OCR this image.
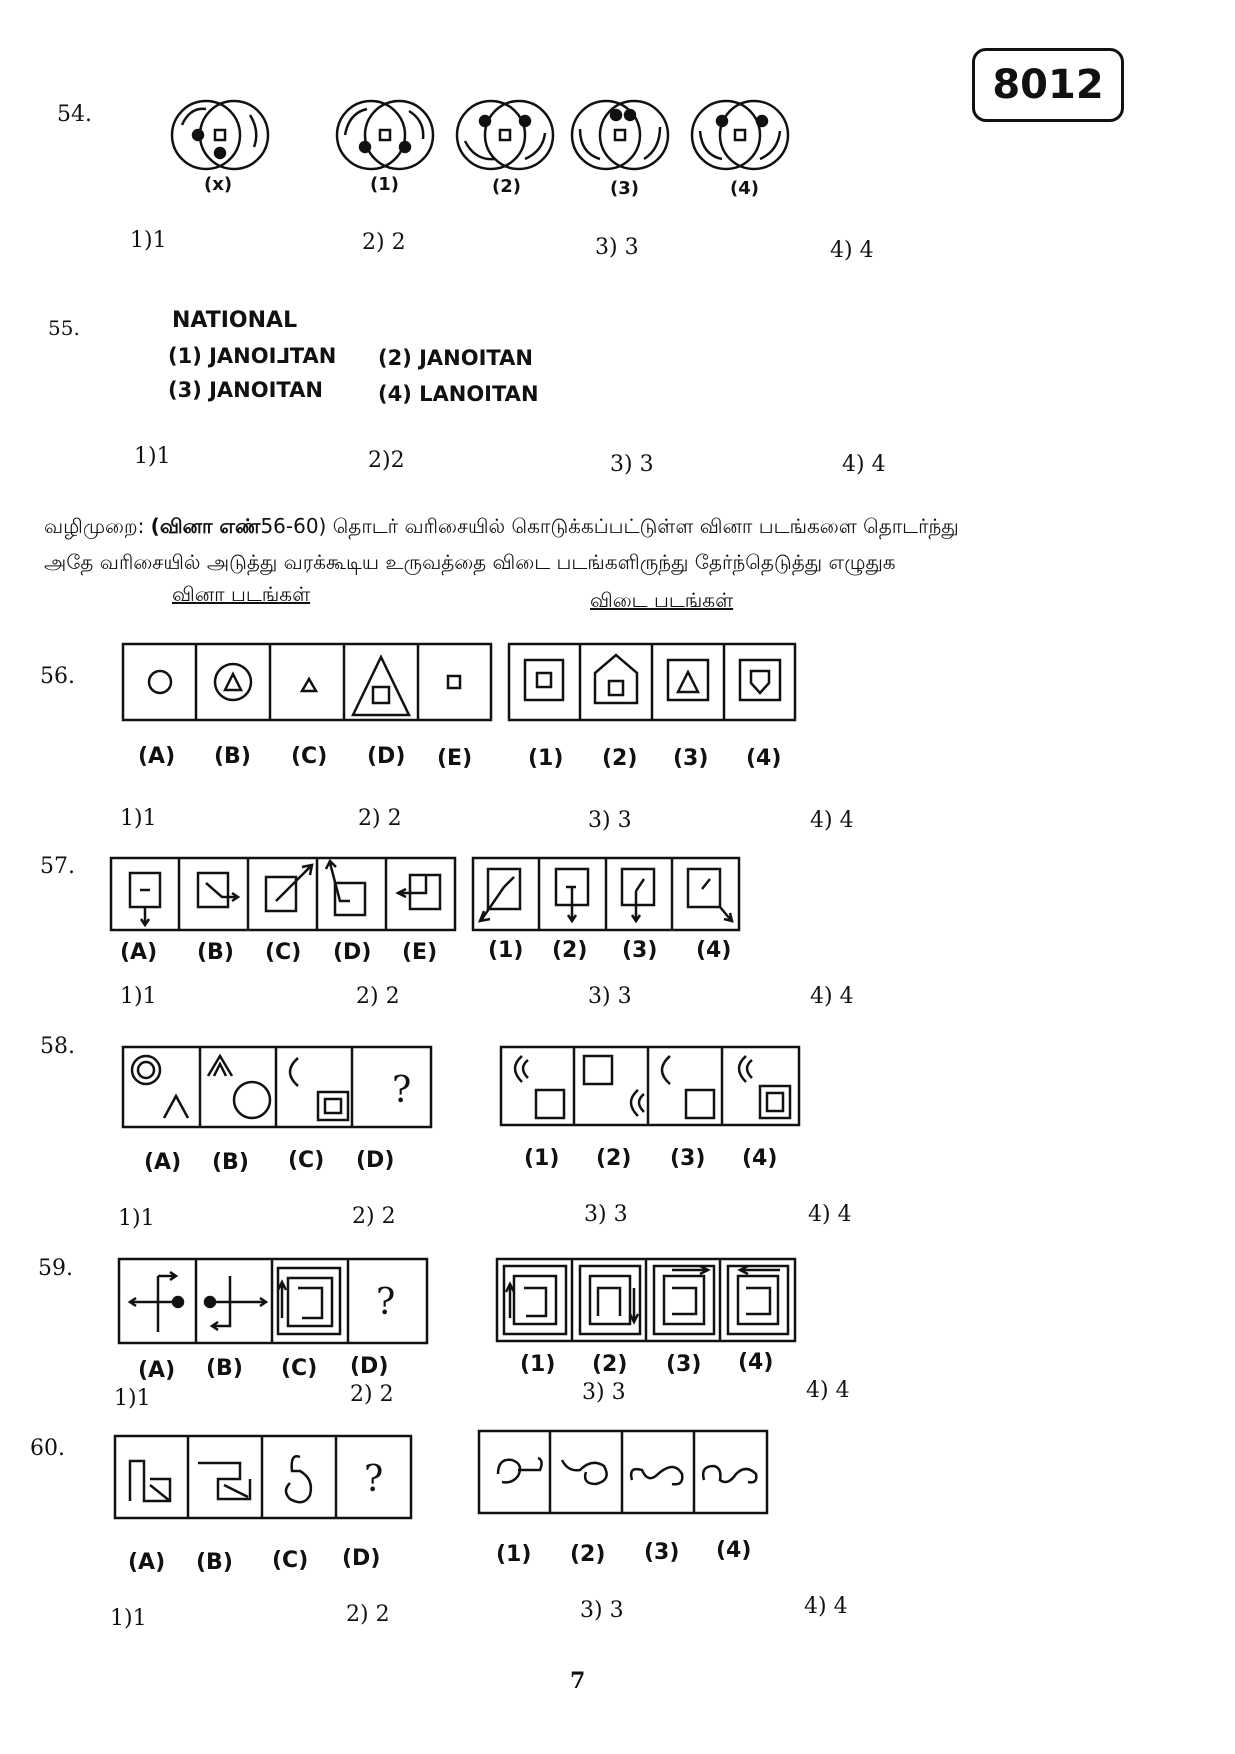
8012
54.
(x)	(1)	(2)	(3)	(4)
1)1	2) 2	3) 3	4) 4
55.	NATIONAL
(1) JANOI⅃TAN (2) JANOITAN
(3) JANOITAN	(4) LANOITAN
1)1	2)2	3) 3	4) 4
வழிமுறை: (வினா எண்56-60) தொடர் வரிசையில் கொடுக்கப்பட்டுள்ள வினா படங்களை தொடர்ந்து
அதே வரிசையில் அடுத்து வரக்கூடிய உருவத்தை விடை படங்களிருந்து தேர்ந்தெடுத்து எழுதுக
வினா படங்கள்	விடை படங்கள்
56.
(A) (B) (C) (D) (E)	(1) (2) (3) (4)
1)1	2) 2	3) 3	4) 4
57.
(A) (B) (C) (D) (E) (1) (2) (3) (4)
1)1	2) 2	3) 3	4) 4
58.
?
(A) (B) (C) (D)	(1) (2) (3) (4)
1)1	2) 2	3) 3	4) 4
59.
?
(A) (B) (C) (D)	(1) (2) (3) (4)
1)1	2) 2	3) 3	4) 4
60.
?
(A) (B) (C) (D)	(1) (2) (3) (4)
1)1	2) 2	3) 3	4) 4
7
